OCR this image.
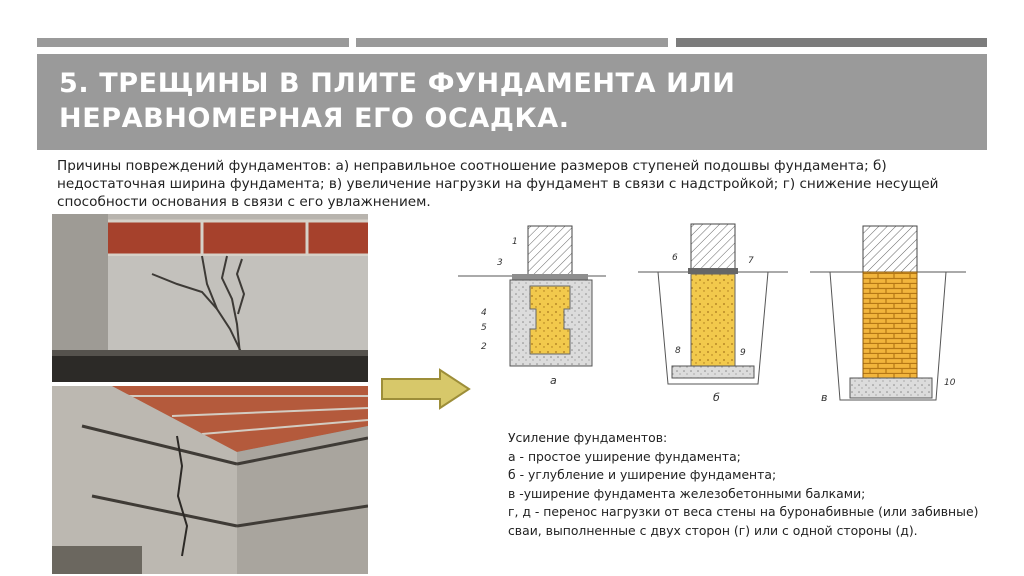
5. ТРЕЩИНЫ В ПЛИТЕ ФУНДАМЕНТА ИЛИ НЕРАВНОМЕРНАЯ ЕГО ОСАДКА.
Причины повреждений фундаментов: а) неправильное соотношение размеров ступеней подошвы фундамента; б) недостаточная ширина фундамента; в) увеличение нагрузки на фундамент в связи с надстройкой; г) снижение несущей способности основания в связи с его увлажнением.
а
б	в
1
2
3
4
5
6	7
8	9
10
Усиление фундаментов:
а - простое уширение фундамента;
б - углубление и уширение фундамента;
в -уширение фундамента железобетонными балками;
г, д - перенос нагрузки от веса стены на буронабивные (или забивные)
сваи, выполненные с двух сторон (г) или с одной стороны (д).
